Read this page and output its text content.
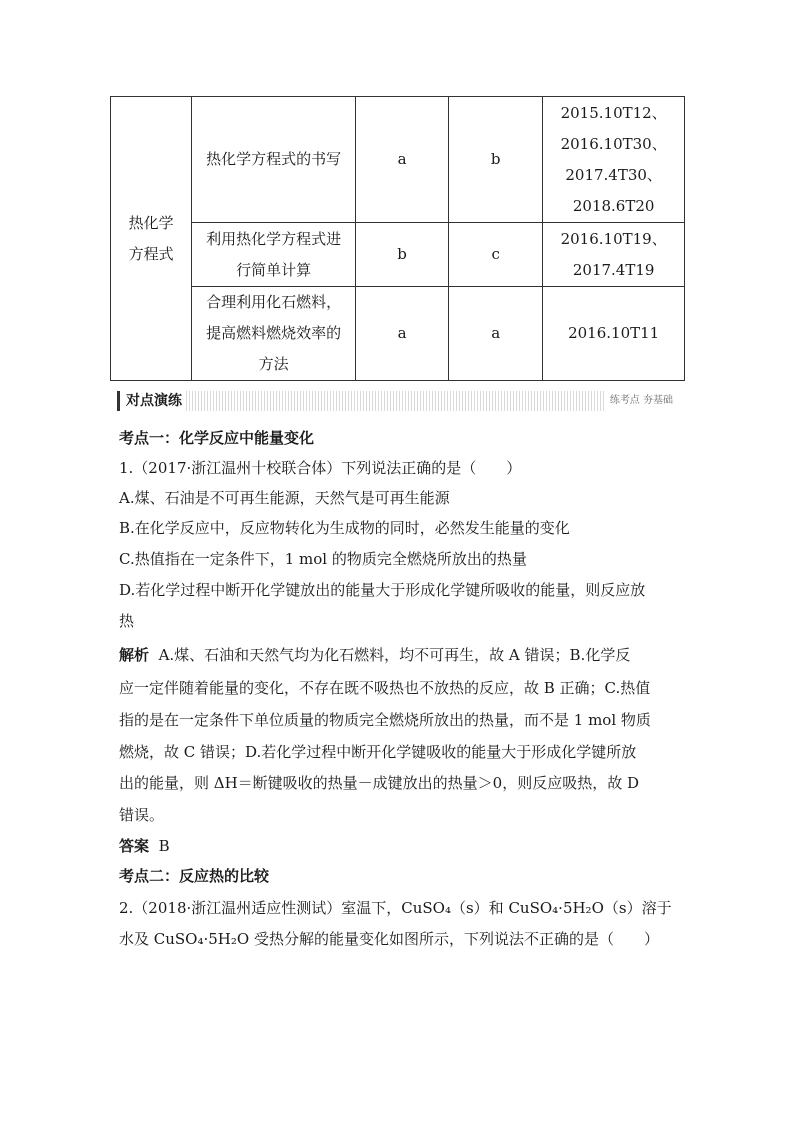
热化学
方程式	热化学方程式的书写	a	b	2015.10T12、
2016.10T30、
2017.4T30、
2018.6T20

	利用热化学方程式进
行简单计算	b	c	2016.10T19、
2017.4T19

	合理利用化石燃料，
提高燃料燃烧效率的
方法	a	a	2016.10T11
对点演练	练考点 夯基础
考点一：化学反应中能量变化
1.（2017·浙江温州十校联合体）下列说法正确的是（　　）
A.煤、石油是不可再生能源，天然气是可再生能源
B.在化学反应中，反应物转化为生成物的同时，必然发生能量的变化
C.热值指在一定条件下，1 mol 的物质完全燃烧所放出的热量
D.若化学过程中断开化学键放出的能量大于形成化学键所吸收的能量，则反应放
热
解析 A.煤、石油和天然气均为化石燃料，均不可再生，故 A 错误；B.化学反
应一定伴随着能量的变化，不存在既不吸热也不放热的反应，故 B 正确；C.热值
指的是在一定条件下单位质量的物质完全燃烧所放出的热量，而不是 1 mol 物质
燃烧，故 C 错误；D.若化学过程中断开化学键吸收的能量大于形成化学键所放
出的能量，则 ΔH＝断键吸收的热量－成键放出的热量＞0，则反应吸热，故 D
错误。
答案 B
考点二：反应热的比较
2.（2018·浙江温州适应性测试）室温下，CuSO₄（s）和 CuSO₄·5H₂O（s）溶于
水及 CuSO₄·5H₂O 受热分解的能量变化如图所示，下列说法不正确的是（　　）
